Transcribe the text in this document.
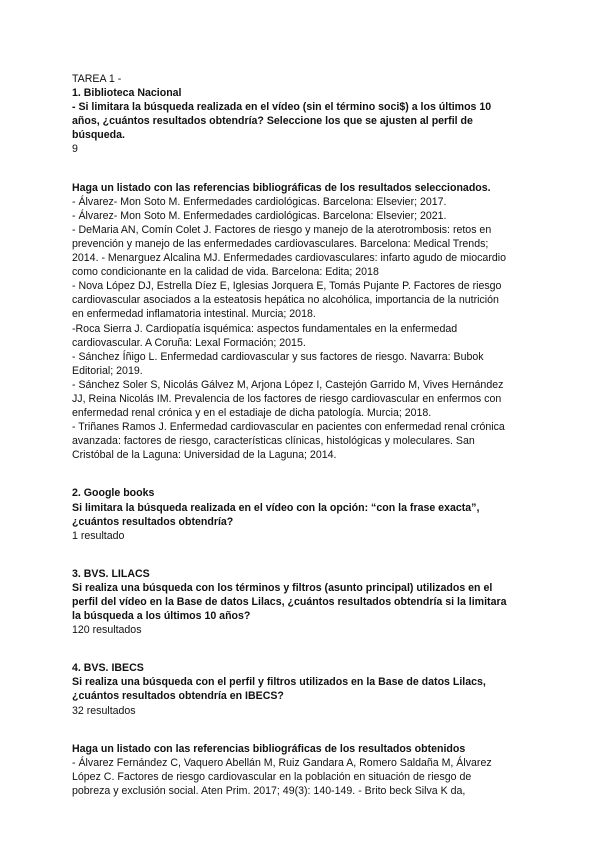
TAREA 1 -
1. Biblioteca Nacional
- Si limitara la búsqueda realizada en el vídeo (sin el término soci$) a los últimos 10
años, ¿cuántos resultados obtendría? Seleccione los que se ajusten al perfil de
búsqueda.
9
Haga un listado con las referencias bibliográficas de los resultados seleccionados.
- Álvarez- Mon Soto M. Enfermedades cardiológicas. Barcelona: Elsevier; 2017.
- Álvarez- Mon Soto M. Enfermedades cardiológicas. Barcelona: Elsevier; 2021.
- DeMaria AN, Comín Colet J. Factores de riesgo y manejo de la aterotrombosis: retos en
prevención y manejo de las enfermedades cardiovasculares. Barcelona: Medical Trends;
2014. - Menarguez Alcalina MJ. Enfermedades cardiovasculares: infarto agudo de miocardio
como condicionante en la calidad de vida. Barcelona: Edita; 2018
- Nova López DJ, Estrella Díez E, Iglesias Jorquera E, Tomás Pujante P. Factores de riesgo
cardiovascular asociados a la esteatosis hepática no alcohólica, importancia de la nutrición
en enfermedad inflamatoria intestinal. Murcia; 2018.
-Roca Sierra J. Cardiopatía isquémica: aspectos fundamentales en la enfermedad
cardiovascular. A Coruña: Lexal Formación; 2015.
- Sánchez Íñigo L. Enfermedad cardiovascular y sus factores de riesgo. Navarra: Bubok
Editorial; 2019.
- Sánchez Soler S, Nicolás Gálvez M, Arjona López I, Castejón Garrido M, Vives Hernández
JJ, Reina Nicolás IM. Prevalencia de los factores de riesgo cardiovascular en enfermos con
enfermedad renal crónica y en el estadiaje de dicha patología. Murcia; 2018.
- Triñanes Ramos J. Enfermedad cardiovascular en pacientes con enfermedad renal crónica
avanzada: factores de riesgo, características clínicas, histológicas y moleculares. San
Cristóbal de la Laguna: Universidad de la Laguna; 2014.
2. Google books
Si limitara la búsqueda realizada en el vídeo con la opción: “con la frase exacta”,
¿cuántos resultados obtendría?
1 resultado
3. BVS. LILACS
Si realiza una búsqueda con los términos y filtros (asunto principal) utilizados en el
perfil del vídeo en la Base de datos Lilacs, ¿cuántos resultados obtendría si la limitara
la búsqueda a los últimos 10 años?
120 resultados
4. BVS. IBECS
Si realiza una búsqueda con el perfil y filtros utilizados en la Base de datos Lilacs,
¿cuántos resultados obtendría en IBECS?
32 resultados
Haga un listado con las referencias bibliográficas de los resultados obtenidos
- Álvarez Fernández C, Vaquero Abellán M, Ruiz Gandara A, Romero Saldaña M, Álvarez
López C. Factores de riesgo cardiovascular en la población en situación de riesgo de
pobreza y exclusión social. Aten Prim. 2017; 49(3): 140-149. - Brito beck Silva K da,
